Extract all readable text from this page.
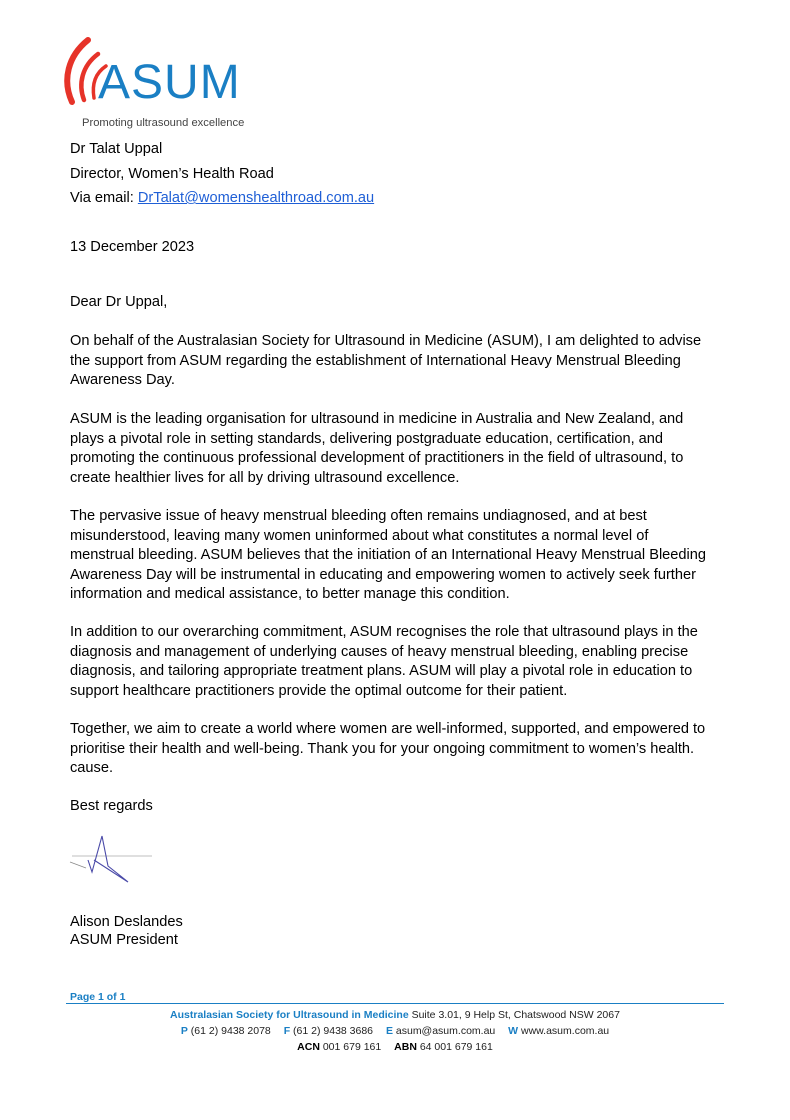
ASUM
Promoting ultrasound excellence
Dr Talat Uppal
Director, Women’s Health Road
Via email: DrTalat@womenshealthroad.com.au
13 December 2023
Dear Dr Uppal,
On behalf of the Australasian Society for Ultrasound in Medicine (ASUM), I am delighted to advise
the support from ASUM regarding the establishment of International Heavy Menstrual Bleeding
Awareness Day.
ASUM is the leading organisation for ultrasound in medicine in Australia and New Zealand, and
plays a pivotal role in setting standards, delivering postgraduate education, certification, and
promoting the continuous professional development of practitioners in the field of ultrasound, to
create healthier lives for all by driving ultrasound excellence.
The pervasive issue of heavy menstrual bleeding often remains undiagnosed, and at best
misunderstood, leaving many women uninformed about what constitutes a normal level of
menstrual bleeding. ASUM believes that the initiation of an International Heavy Menstrual Bleeding
Awareness Day will be instrumental in educating and empowering women to actively seek further
information and medical assistance, to better manage this condition.
In addition to our overarching commitment, ASUM recognises the role that ultrasound plays in the
diagnosis and management of underlying causes of heavy menstrual bleeding, enabling precise
diagnosis, and tailoring appropriate treatment plans. ASUM will play a pivotal role in education to
support healthcare practitioners provide the optimal outcome for their patient.
Together, we aim to create a world where women are well-informed, supported, and empowered to
prioritise their health and well-being. Thank you for your ongoing commitment to women’s health.
cause.
Best regards
Alison Deslandes
ASUM President
Page 1 of 1
Australasian Society for Ultrasound in Medicine Suite 3.01, 9 Help St, Chatswood NSW 2067
P (61 2) 9438 2078 F (61 2) 9438 3686 E asum@asum.com.au W www.asum.com.au
ACN 001 679 161 ABN 64 001 679 161
